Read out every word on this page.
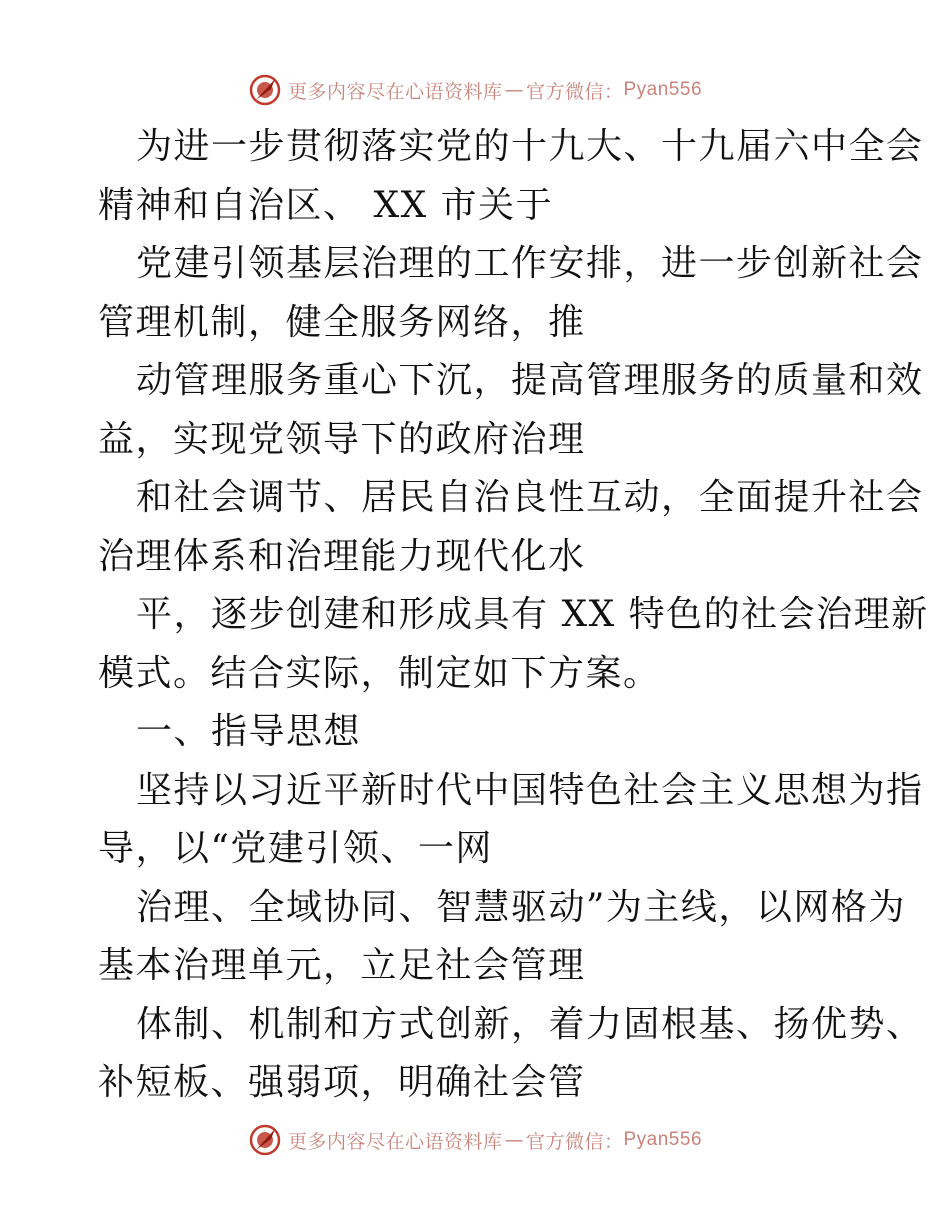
更多内容尽在心语资料库 — 官方微信： Pyan556
为进一步贯彻落实党的十九大、十九届六中全会
精神和自治区、 XX 市关于
党建引领基层治理的工作安排，进一步创新社会
管理机制，健全服务网络，推
动管理服务重心下沉，提高管理服务的质量和效
益，实现党领导下的政府治理
和社会调节、居民自治良性互动，全面提升社会
治理体系和治理能力现代化水
平，逐步创建和形成具有 XX 特色的社会治理新
模式。结合实际，制定如下方案。
一、指导思想
坚持以习近平新时代中国特色社会主义思想为指
导，以“党建引领、一网
治理、全域协同、智慧驱动”为主线，以网格为
基本治理单元，立足社会管理
体制、机制和方式创新，着力固根基、扬优势、
补短板、强弱项，明确社会管
更多内容尽在心语资料库 — 官方微信： Pyan556
